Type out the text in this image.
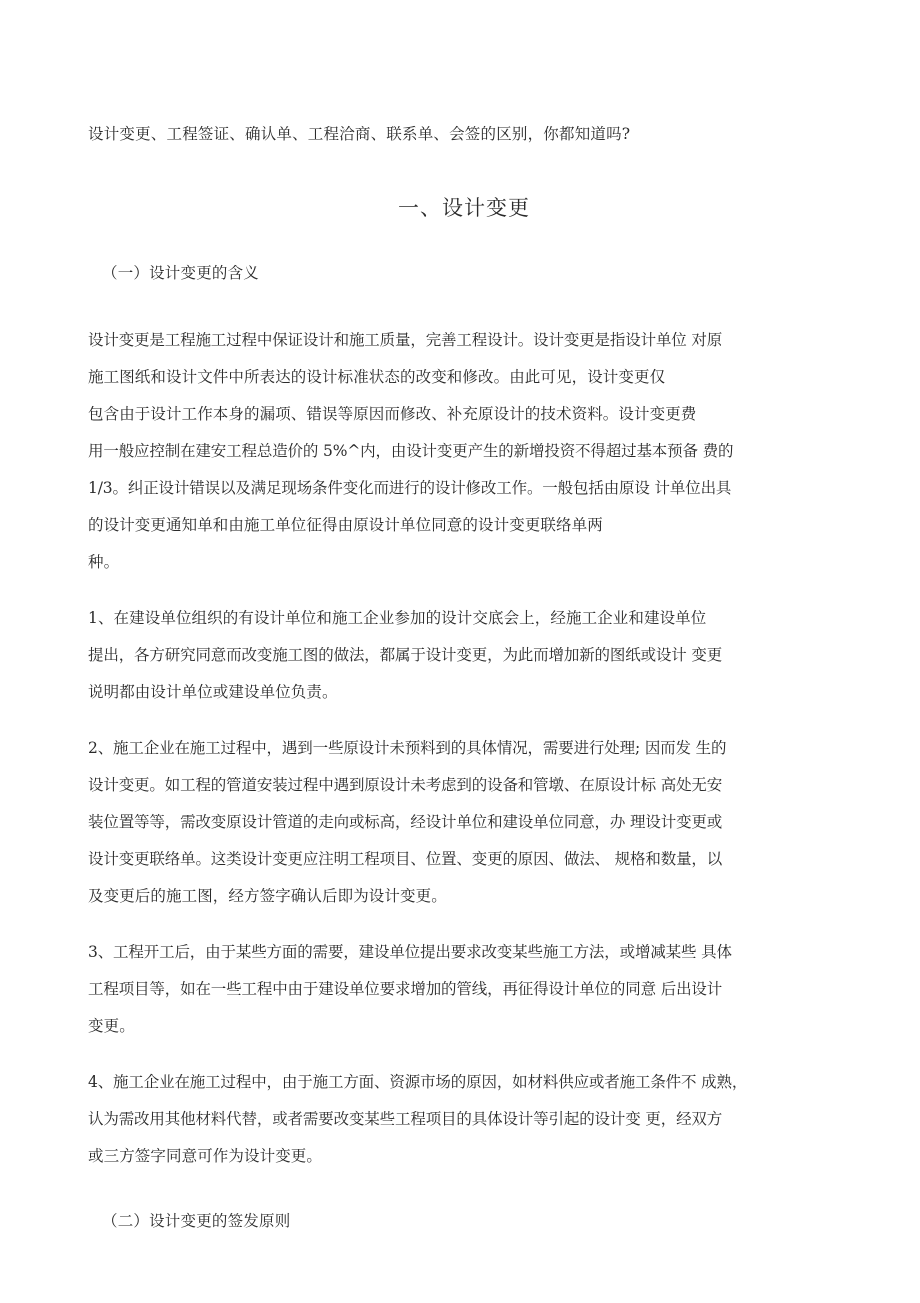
设计变更、工程签证、确认单、工程洽商、联系单、会签的区别，你都知道吗?

一、设计变更
（一）设计变更的含义

设计变更是工程施工过程中保证设计和施工质量，完善工程设计。设计变更是指设计单位 对原
施工图纸和设计文件中所表达的设计标准状态的改变和修改。由此可见，设计变更仅
包含由于设计工作本身的漏项、错误等原因而修改、补充原设计的技术资料。设计变更费
用一般应控制在建安工程总造价的 5%^内，由设计变更产生的新增投资不得超过基本预备 费的
1/3。纠正设计错误以及满足现场条件变化而进行的设计修改工作。一般包括由原设 计单位出具
的设计变更通知单和由施工单位征得由原设计单位同意的设计变更联络单两
种。

1、在建设单位组织的有设计单位和施工企业参加的设计交底会上，经施工企业和建设单位
提出，各方研究同意而改变施工图的做法，都属于设计变更，为此而增加新的图纸或设计 变更
说明都由设计单位或建设单位负责。

2、施工企业在施工过程中，遇到一些原设计未预料到的具体情况，需要进行处理; 因而发 生的
设计变更。如工程的管道安装过程中遇到原设计未考虑到的设备和管墩、在原设计标 高处无安
装位置等等，需改变原设计管道的走向或标高，经设计单位和建设单位同意，办 理设计变更或
设计变更联络单。这类设计变更应注明工程项目、位置、变更的原因、做法、 规格和数量，以
及变更后的施工图，经方签字确认后即为设计变更。

3、工程开工后，由于某些方面的需要，建设单位提出要求改变某些施工方法，或增减某些 具体
工程项目等，如在一些工程中由于建设单位要求增加的管线，再征得设计单位的同意 后出设计
变更。

4、施工企业在施工过程中，由于施工方面、资源市场的原因，如材料供应或者施工条件不 成熟，
认为需改用其他材料代替，或者需要改变某些工程项目的具体设计等引起的设计变 更，经双方
或三方签字同意可作为设计变更。

（二）设计变更的签发原则
